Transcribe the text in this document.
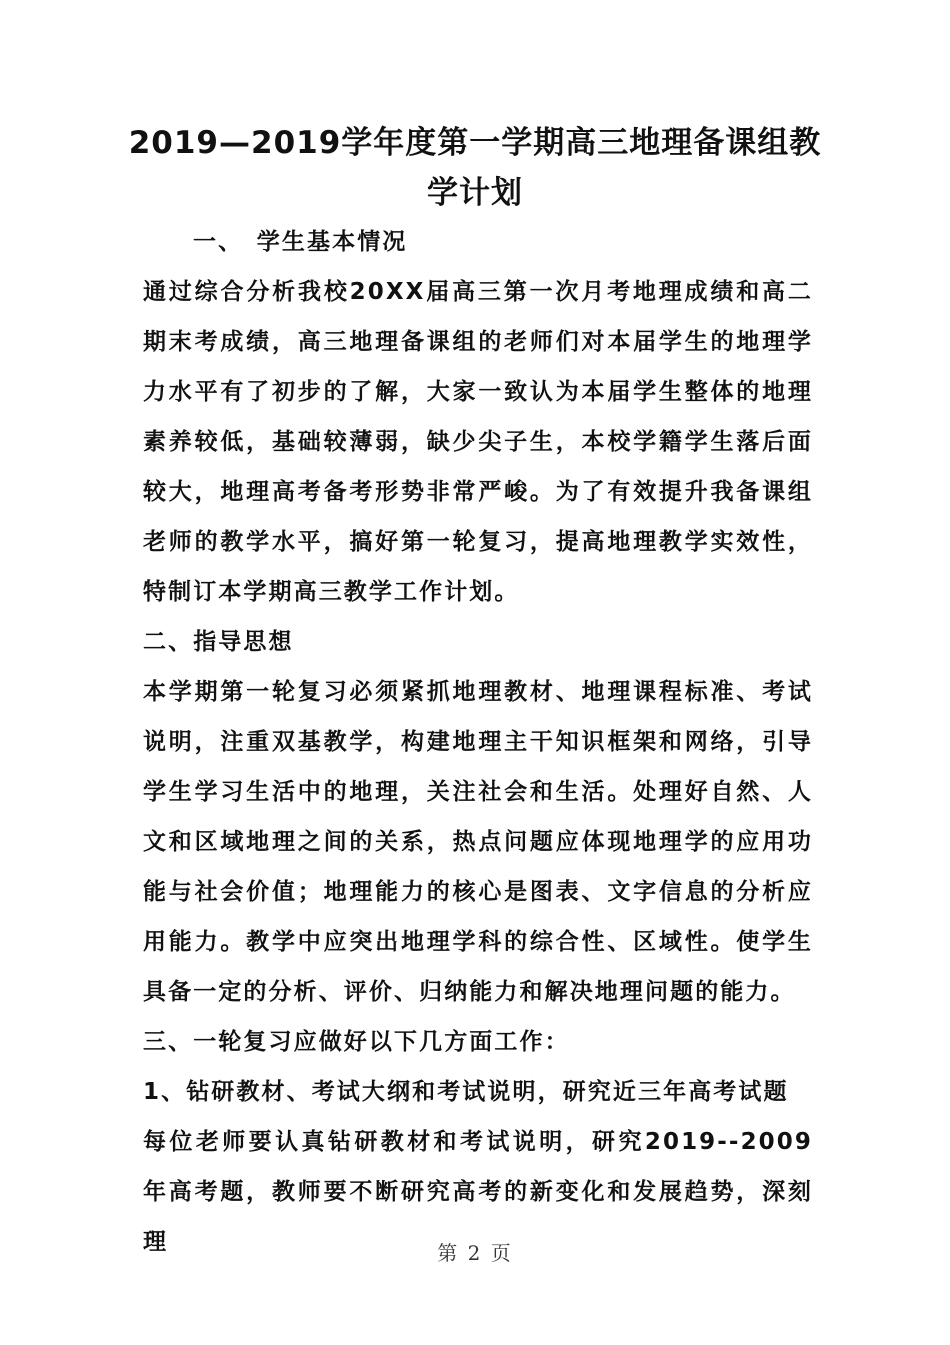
2019—2019学年度第一学期高三地理备课组教学计划

一、　学生基本情况

通过综合分析我校20XX届高三第一次月考地理成绩和高二期末考成绩，高三地理备课组的老师们对本届学生的地理学力水平有了初步的了解，大家一致认为本届学生整体的地理素养较低，基础较薄弱，缺少尖子生，本校学籍学生落后面较大，地理高考备考形势非常严峻。为了有效提升我备课组老师的教学水平，搞好第一轮复习，提高地理教学实效性，特制订本学期高三教学工作计划。

二、指导思想

本学期第一轮复习必须紧抓地理教材、地理课程标准、考试说明，注重双基教学，构建地理主干知识框架和网络，引导学生学习生活中的地理，关注社会和生活。处理好自然、人文和区域地理之间的关系，热点问题应体现地理学的应用功能与社会价值；地理能力的核心是图表、文字信息的分析应用能力。教学中应突出地理学科的综合性、区域性。使学生具备一定的分析、评价、归纳能力和解决地理问题的能力。

三、一轮复习应做好以下几方面工作：

1、钻研教材、考试大纲和考试说明，研究近三年高考试题

每位老师要认真钻研教材和考试说明，研究2019--2009年高考题，教师要不断研究高考的新变化和发展趋势，深刻理	第 2 页
